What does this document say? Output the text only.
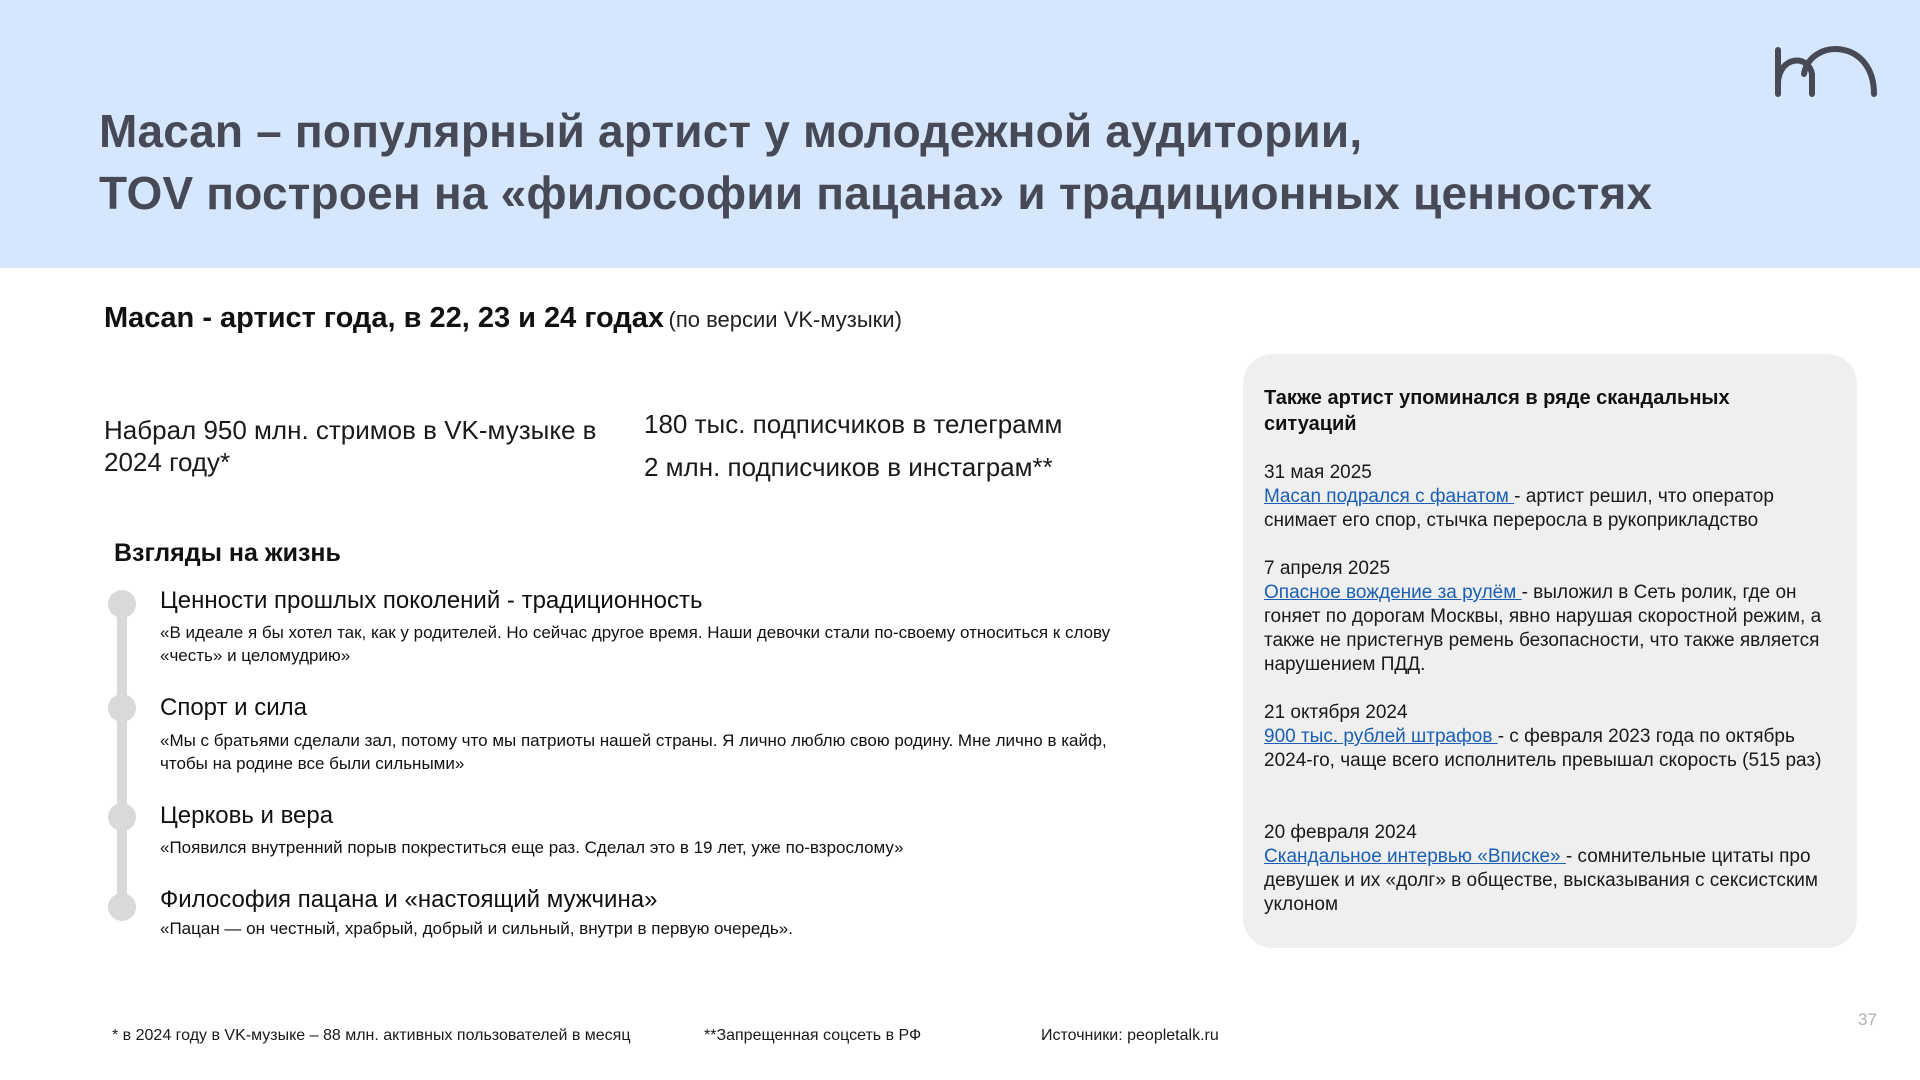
Macan – популярный артист у молодежной аудитории,
TOV построен на «философии пацана» и традиционных ценностях
Macan - артист года, в 22, 23 и 24 годах (по версии VK-музыки)
Набрал 950 млн. стримов в VK-музыке в 2024 году*
180 тыс. подписчиков в телеграмм
2 млн. подписчиков в инстаграм**
Взгляды на жизнь
Ценности прошлых поколений - традиционность
«В идеале я бы хотел так, как у родителей. Но сейчас другое время. Наши девочки стали по-своему относиться к слову «честь» и целомудрию»
Спорт и сила
«Мы с братьями сделали зал, потому что мы патриоты нашей страны. Я лично люблю свою родину. Мне лично в кайф, чтобы на родине все были сильными»
Церковь и вера
«Появился внутренний порыв покреститься еще раз. Сделал это в 19 лет, уже по-взрослому»
Философия пацана и «настоящий мужчина»
«Пацан — он честный, храбрый, добрый и сильный, внутри в первую очередь».
Также артист упоминался в ряде скандальных ситуаций
31 мая 2025
Macan подрался с фанатом - артист решил, что оператор снимает его спор, стычка переросла в рукоприкладство
7 апреля 2025
Опасное вождение за рулём - выложил в Сеть ролик, где он гоняет по дорогам Москвы, явно нарушая скоростной режим, а также не пристегнув ремень безопасности, что также является нарушением ПДД.
21 октября 2024
900 тыс. рублей штрафов - с февраля 2023 года по октябрь 2024-го, чаще всего исполнитель превышал скорость (515 раз)
20 февраля 2024
Скандальное интервью «Вписке» - сомнительные цитаты про девушек и их «долг» в обществе, высказывания с сексистским уклоном
* в 2024 году в VK-музыке – 88 млн. активных пользователей в месяц	**Запрещенная соцсеть в РФ	Источники: peopletalk.ru
37
